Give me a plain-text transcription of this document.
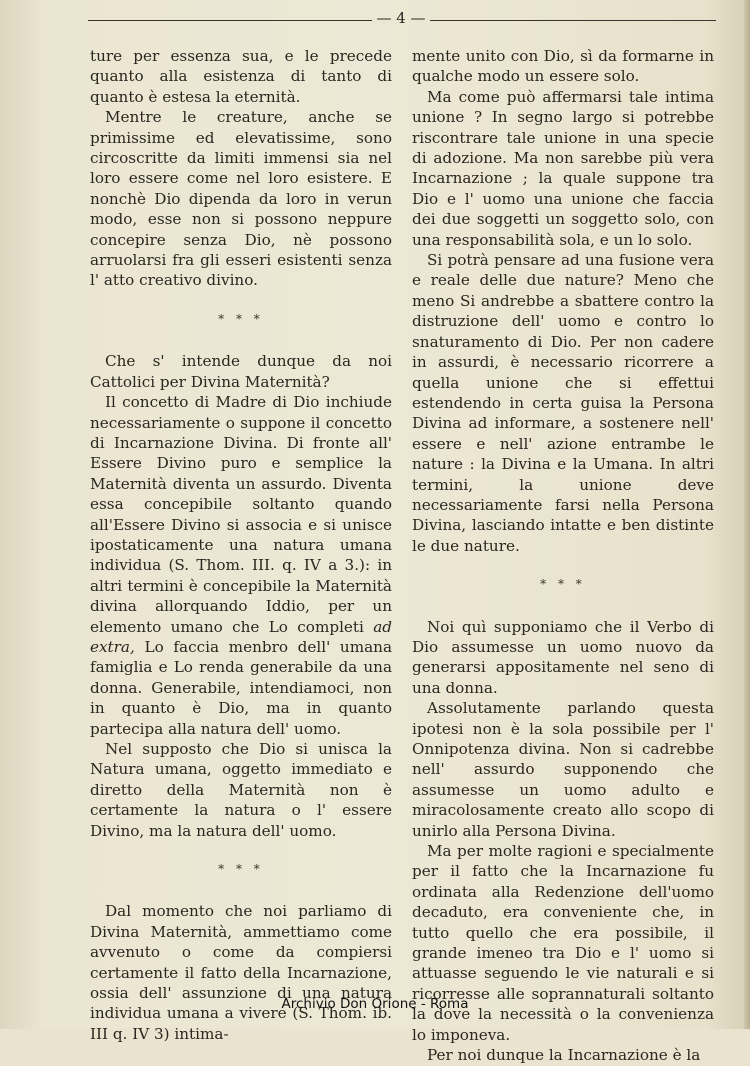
— 4 —

ture per essenza sua, e le precede quanto alla esistenza di tanto di quanto è estesa la eternità.

Mentre le creature, anche se primissime ed elevatissime, sono circoscritte da limiti immensi sia nel loro essere come nel loro esistere. E nonchè Dio dipenda da loro in verun modo, esse non si possono neppure concepire senza Dio, nè possono arruolarsi fra gli esseri esistenti senza l' atto creativo divino.

* * *

Che s' intende dunque da noi Cattolici per Divina Maternità?

Il concetto di Madre di Dio inchiude necessariamente o suppone il concetto di Incarnazione Divina. Di fronte all' Essere Divino puro e semplice la Maternità diventa un assurdo. Diventa essa concepibile soltanto quando all'Essere Divino si associa e si unisce ipostaticamente una natura umana individua (S. Thom. III. q. IV a 3.): in altri termini è concepibile la Maternità divina allorquando Iddio, per un elemento umano che Lo completi ad extra, Lo faccia menbro dell' umana famiglia e Lo renda generabile da una donna. Generabile, intendiamoci, non in quanto è Dio, ma in quanto partecipa alla natura dell' uomo.

Nel supposto che Dio si unisca la Natura umana, oggetto immediato e diretto della Maternità non è certamente la natura o l' essere Divino, ma la natura dell' uomo.

* * *

Dal momento che noi parliamo di Divina Maternità, ammettiamo come avvenuto o come da compiersi certamente il fatto della Incarnazione, ossia dell' assunzione di una natura individua umana a vivere (S. Thom. ib. III q. IV 3) intima-

mente unito con Dio, sì da formarne in qualche modo un essere solo.

Ma come può affermarsi tale intima unione ? In segno largo si potrebbe riscontrare tale unione in una specie di adozione. Ma non sarebbe più vera Incarnazione ; la quale suppone tra Dio e l' uomo una unione che faccia dei due soggetti un soggetto solo, con una responsabilità sola, e un lo solo.

Si potrà pensare ad una fusione vera e reale delle due nature? Meno che meno Si andrebbe a sbattere contro la distruzione dell' uomo e contro lo snaturamento di Dio. Per non cadere in assurdi, è necessario ricorrere a quella unione che si effettui estendendo in certa guisa la Persona Divina ad informare, a sostenere nell' essere e nell' azione entrambe le nature : la Divina e la Umana. In altri termini, la unione deve necessariamente farsi nella Persona Divina, lasciando intatte e ben distinte le due nature.

* * *

Noi quì supponiamo che il Verbo di Dio assumesse un uomo nuovo da generarsi appositamente nel seno di una donna.

Assolutamente parlando questa ipotesi non è la sola possibile per l' Onnipotenza divina. Non si cadrebbe nell' assurdo supponendo che assumesse un uomo adulto e miracolosamente creato allo scopo di unirlo alla Persona Divina.

Ma per molte ragioni e specialmente per il fatto che la Incarnazione fu ordinata alla Redenzione dell'uomo decaduto, era conveniente che, in tutto quello che era possibile, il grande imeneo tra Dio e l' uomo si attuasse seguendo le vie naturali e si ricorresse alle soprannaturali soltanto la dove la necessità o la convenienza lo imponeva.

Per noi dunque la Incarnazione è la

Archivio Don Orione - Roma
